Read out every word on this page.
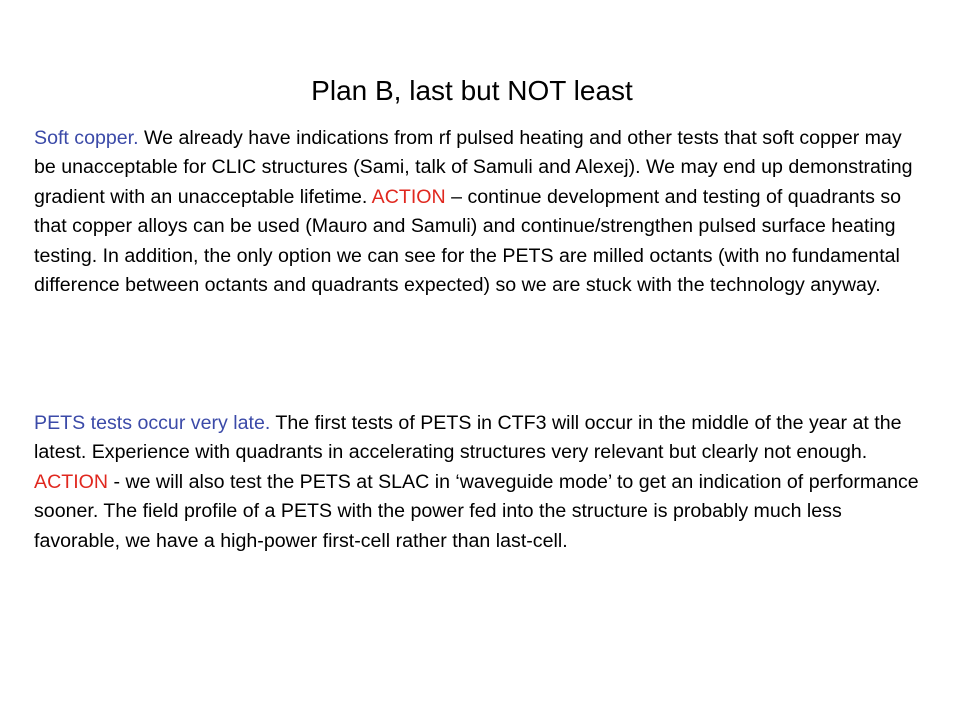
Plan B, last but NOT least

Soft copper. We already have indications from rf pulsed heating and other tests that soft copper may be unacceptable for CLIC structures (Sami, talk of Samuli and Alexej). We may end up demonstrating gradient with an unacceptable lifetime. ACTION – continue development and testing of quadrants so that copper alloys can be used (Mauro and Samuli) and continue/strengthen pulsed surface heating testing. In addition, the only option we can see for the PETS are milled octants (with no fundamental difference between octants and quadrants expected) so we are stuck with the technology anyway.

PETS tests occur very late. The first tests of PETS in CTF3 will occur in the middle of the year at the latest. Experience with quadrants in accelerating structures very relevant but clearly not enough. ACTION - we will also test the PETS at SLAC in ‘waveguide mode’ to get an indication of performance sooner. The field profile of a PETS with the power fed into the structure is probably much less favorable, we have a high-power first-cell rather than last-cell.
